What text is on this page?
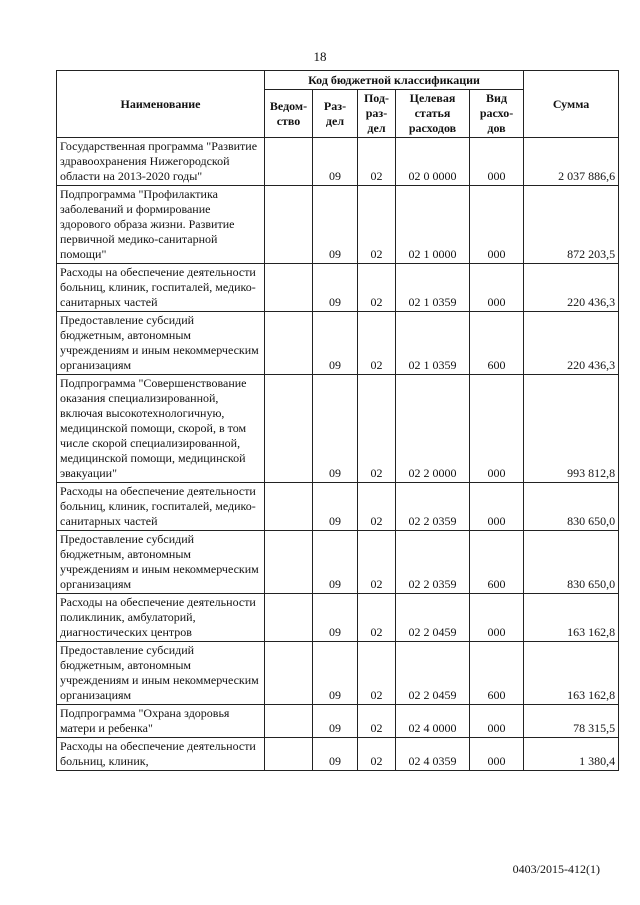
18
Наименование	Код бюджетной классификации					Сумма
	Ведом-ство	Раз-дел	Под-раз-дел	Целевая статья расходов	Вид расхо-дов	
Государственная программа "Развитие здравоохранения Нижегородской области на 2013-2020 годы"		09	02	02 0 0000	000	2 037 886,6
Подпрограмма "Профилактика заболеваний и формирование здорового образа жизни. Развитие первичной медико-санитарной помощи"		09	02	02 1 0000	000	872 203,5
Расходы на обеспечение деятельности больниц, клиник, госпиталей, медико-санитарных частей		09	02	02 1 0359	000	220 436,3
Предоставление субсидий бюджетным, автономным учреждениям и иным некоммерческим организациям		09	02	02 1 0359	600	220 436,3
Подпрограмма "Совершенствование оказания специализированной, включая высокотехнологичную, медицинской помощи, скорой, в том числе скорой специализированной, медицинской помощи, медицинской эвакуации"		09	02	02 2 0000	000	993 812,8
Расходы на обеспечение деятельности больниц, клиник, госпиталей, медико-санитарных частей		09	02	02 2 0359	000	830 650,0
Предоставление субсидий бюджетным, автономным учреждениям и иным некоммерческим организациям		09	02	02 2 0359	600	830 650,0
Расходы на обеспечение деятельности поликлиник, амбулаторий, диагностических центров		09	02	02 2 0459	000	163 162,8
Предоставление субсидий бюджетным, автономным учреждениям и иным некоммерческим организациям		09	02	02 2 0459	600	163 162,8
Подпрограмма "Охрана здоровья матери и ребенка"		09	02	02 4 0000	000	78 315,5
Расходы на обеспечение деятельности больниц, клиник,		09	02	02 4 0359	000	1 380,4
0403/2015-412(1)
